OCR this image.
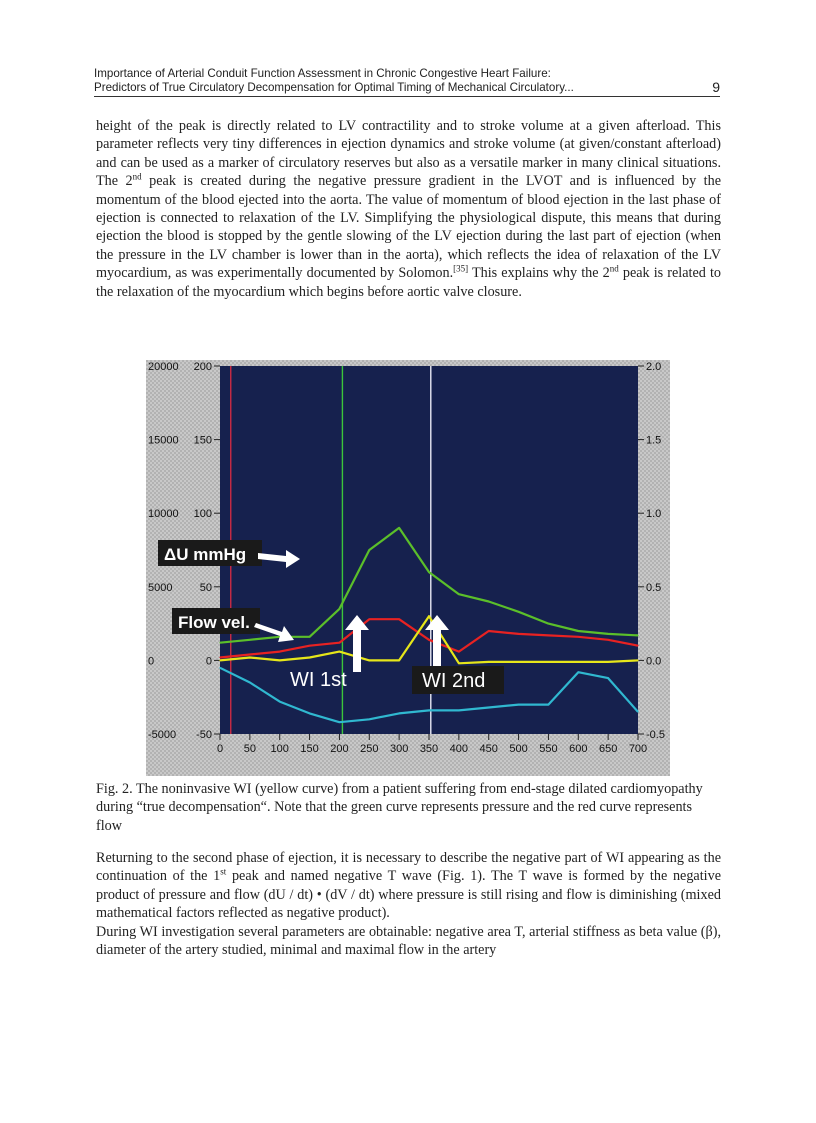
Importance of Arterial Conduit Function Assessment in Chronic Congestive Heart Failure:
Predictors of True Circulatory Decompensation for Optimal Timing of Mechanical Circulatory...	9
height of the peak is directly related to LV contractility and to stroke volume at a given afterload. This parameter reflects very tiny differences in ejection dynamics and stroke volume (at given/constant afterload) and can be used as a marker of circulatory reserves but also as a versatile marker in many clinical situations. The 2nd peak is created during the negative pressure gradient in the LVOT and is influenced by the momentum of the blood ejected into the aorta. The value of momentum of blood ejection in the last phase of ejection is connected to relaxation of the LV. Simplifying the physiological dispute, this means that during ejection the blood is stopped by the gentle slowing of the LV ejection during the last part of ejection (when the pressure in the LV chamber is lower than in the aorta), which reflects the idea of relaxation of the LV myocardium, as was experimentally documented by Solomon.[35] This explains why the 2nd peak is related to the relaxation of the myocardium which begins before aortic valve closure.
20000 200	2.0
15000 150	1.5
10000 100	1.0
5000 50	0.5
0	0	0.0
-5000 -50	-0.5
0 50 100 150 200 250 300 350 400 450 500 550 600 650 700
ΔU mmHg
Flow vel.
WI 1st	WI 2nd
Fig. 2. The noninvasive WI (yellow curve) from a patient suffering from end-stage dilated cardiomyopathy during “true decompensation“. Note that the green curve represents pressure and the red curve represents flow
Returning to the second phase of ejection, it is necessary to describe the negative part of WI appearing as the continuation of the 1st peak and named negative T wave (Fig. 1). The T wave is formed by the negative product of pressure and flow (dU / dt) • (dV / dt) where pressure is still rising and flow is diminishing (mixed mathematical factors reflected as negative product).
During WI investigation several parameters are obtainable: negative area T, arterial stiffness as beta value (β), diameter of the artery studied, minimal and maximal flow in the artery
